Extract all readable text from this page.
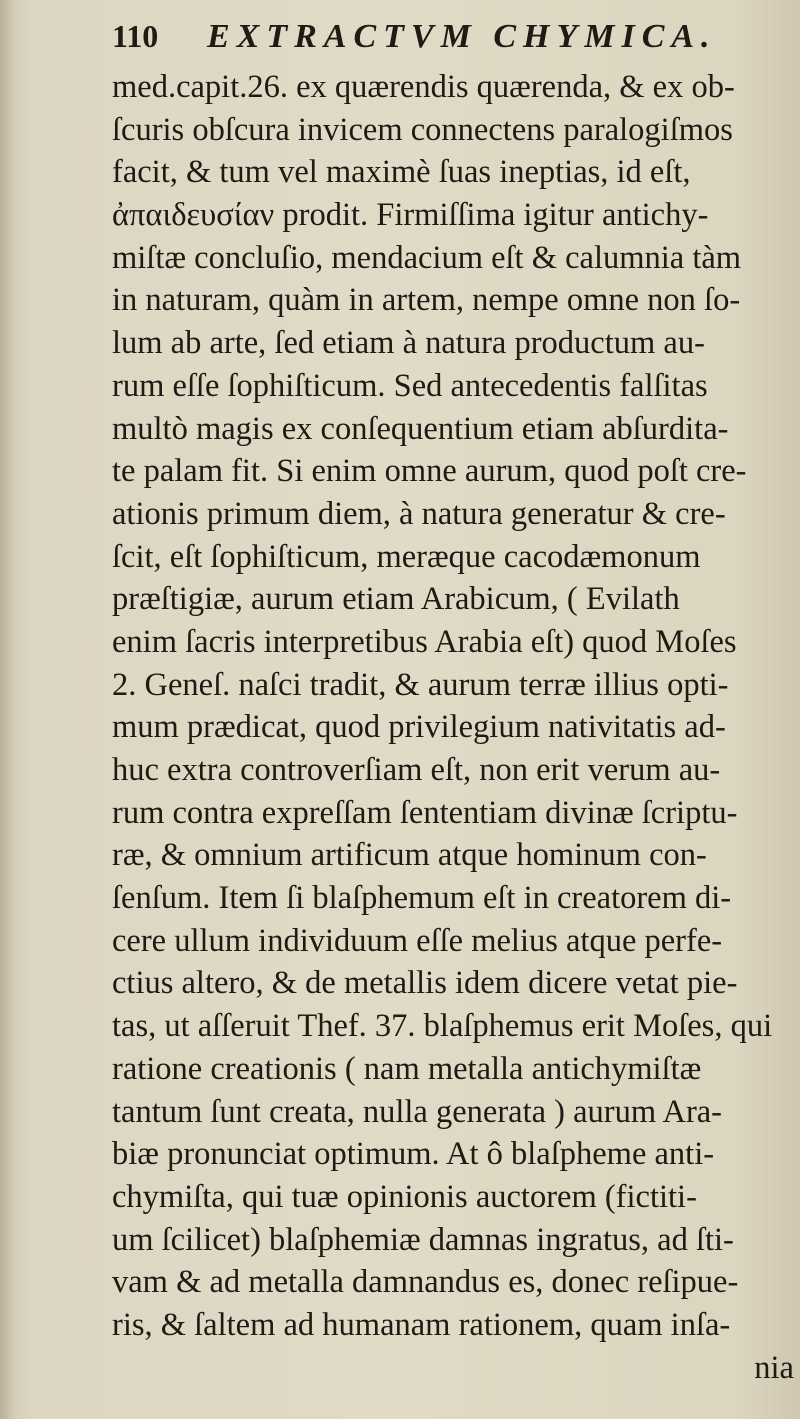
110	EXTRACTVM CHYMICA.
med.capit.26. ex quærendis quærenda, & ex ob-
ſcuris obſcura invicem connectens paralogiſmos
facit, & tum vel maximè ſuas ineptias, id eſt,
ἀπαιδευσίαν prodit. Firmiſſima igitur antichy-
miſtæ concluſio, mendacium eſt & calumnia tàm
in naturam, quàm in artem, nempe omne non ſo-
lum ab arte, ſed etiam à natura productum au-
rum eſſe ſophiſticum. Sed antecedentis falſitas
multò magis ex conſequentium etiam abſurdita-
te palam fit. Si enim omne aurum, quod poſt cre-
ationis primum diem, à natura generatur & cre-
ſcit, eſt ſophiſticum, meræque cacodæmonum
præſtigiæ, aurum etiam Arabicum, ( Evilath
enim ſacris interpretibus Arabia eſt) quod Moſes
2. Geneſ. naſci tradit, & aurum terræ illius opti-
mum prædicat, quod privilegium nativitatis ad-
huc extra controverſiam eſt, non erit verum au-
rum contra expreſſam ſententiam divinæ ſcriptu-
ræ, & omnium artificum atque hominum con-
ſenſum. Item ſi blaſphemum eſt in creatorem di-
cere ullum individuum eſſe melius atque perfe-
ctius altero, & de metallis idem dicere vetat pie-
tas, ut aſſeruit Thef. 37. blaſphemus erit Moſes, qui
ratione creationis ( nam metalla antichymiſtæ
tantum ſunt creata, nulla generata ) aurum Ara-
biæ pronunciat optimum. At ô blaſpheme anti-
chymiſta, qui tuæ opinionis auctorem (fictiti-
um ſcilicet) blaſphemiæ damnas ingratus, ad ſti-
vam & ad metalla damnandus es, donec reſipue-
ris, & ſaltem ad humanam rationem, quam inſa-
nia
